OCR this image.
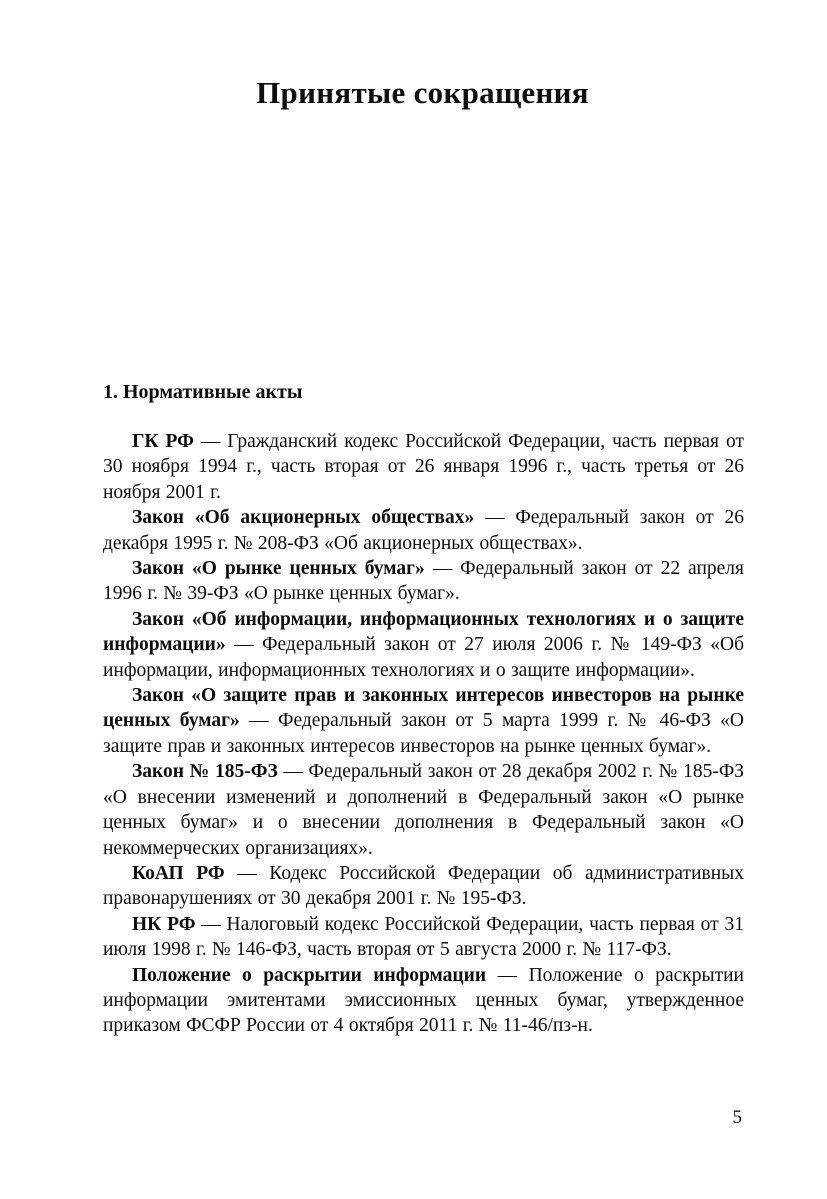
Принятые сокращения
1. Нормативные акты

ГК РФ — Гражданский кодекс Российской Федерации, часть первая от 30 ноября 1994 г., часть вторая от 26 января 1996 г., часть третья от 26 ноября 2001 г.

Закон «Об акционерных обществах» — Федеральный закон от 26 декабря 1995 г. № 208-ФЗ «Об акционерных обществах».

Закон «О рынке ценных бумаг» — Федеральный закон от 22 апреля 1996 г. № 39-ФЗ «О рынке ценных бумаг».

Закон «Об информации, информационных технологиях и о защите информации» — Федеральный закон от 27 июля 2006 г. № 149-ФЗ «Об информации, информационных технологиях и о защите информации».

Закон «О защите прав и законных интересов инвесторов на рынке ценных бумаг» — Федеральный закон от 5 марта 1999 г. № 46-ФЗ «О защите прав и законных интересов инвесторов на рынке ценных бумаг».

Закон № 185-ФЗ — Федеральный закон от 28 декабря 2002 г. № 185-ФЗ «О внесении изменений и дополнений в Федеральный закон «О рынке ценных бумаг» и о внесении дополнения в Федеральный закон «О некоммерческих организациях».

КоАП РФ — Кодекс Российской Федерации об административных правонарушениях от 30 декабря 2001 г. № 195-ФЗ.

НК РФ — Налоговый кодекс Российской Федерации, часть первая от 31 июля 1998 г. № 146-ФЗ, часть вторая от 5 августа 2000 г. № 117-ФЗ.

Положение о раскрытии информации — Положение о раскрытии информации эмитентами эмиссионных ценных бумаг, утвержденное приказом ФСФР России от 4 октября 2011 г. № 11-46/пз-н.

5
